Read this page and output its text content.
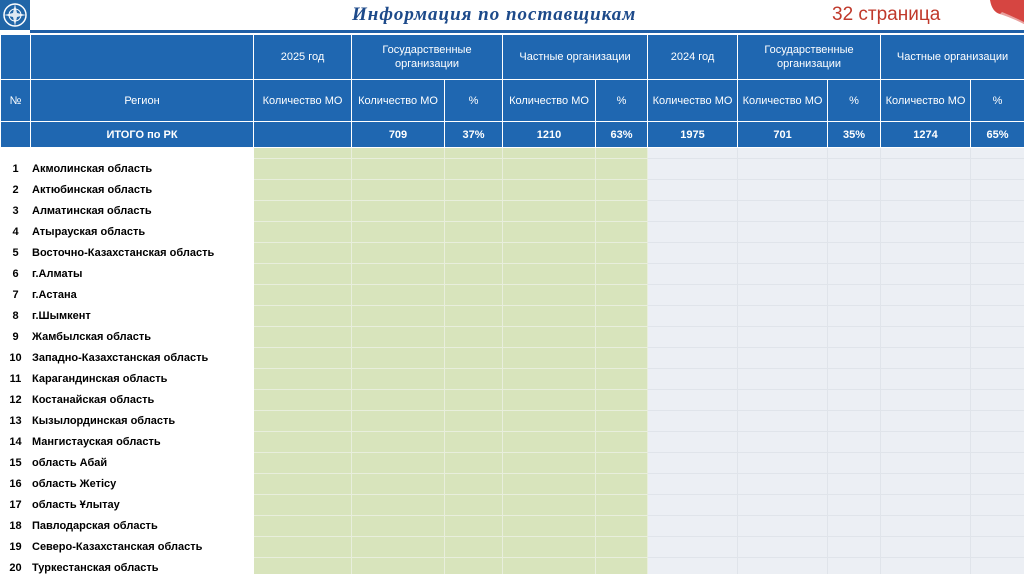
Информация по поставщикам	32 страница
		2025 год	Государственные организации		Частные организации		2024 год	Государственные организации		Частные организации	
№	Регион	Количество МО	Количество МО	%	Количество МО	%	Количество МО	Количество МО	%	Количество МО	%
	ИТОГО по РК		709	37%	1210	63%	1975	701	35%	1274	65%

1	Акмолинская область										
2	Актюбинская область										
3	Алматинская область										
4	Атырауская область										
5	Восточно-Казахстанская область										
6	г.Алматы										
7	г.Астана										
8	г.Шымкент										
9	Жамбылская область										
10	Западно-Казахстанская область										
11	Карагандинская область										
12	Костанайская область										
13	Кызылординская область										
14	Мангистауская область										
15	область Абай										
16	область Жетісу										
17	область Ұлытау										
18	Павлодарская область										
19	Северо-Казахстанская область										
20	Туркестанская область										
